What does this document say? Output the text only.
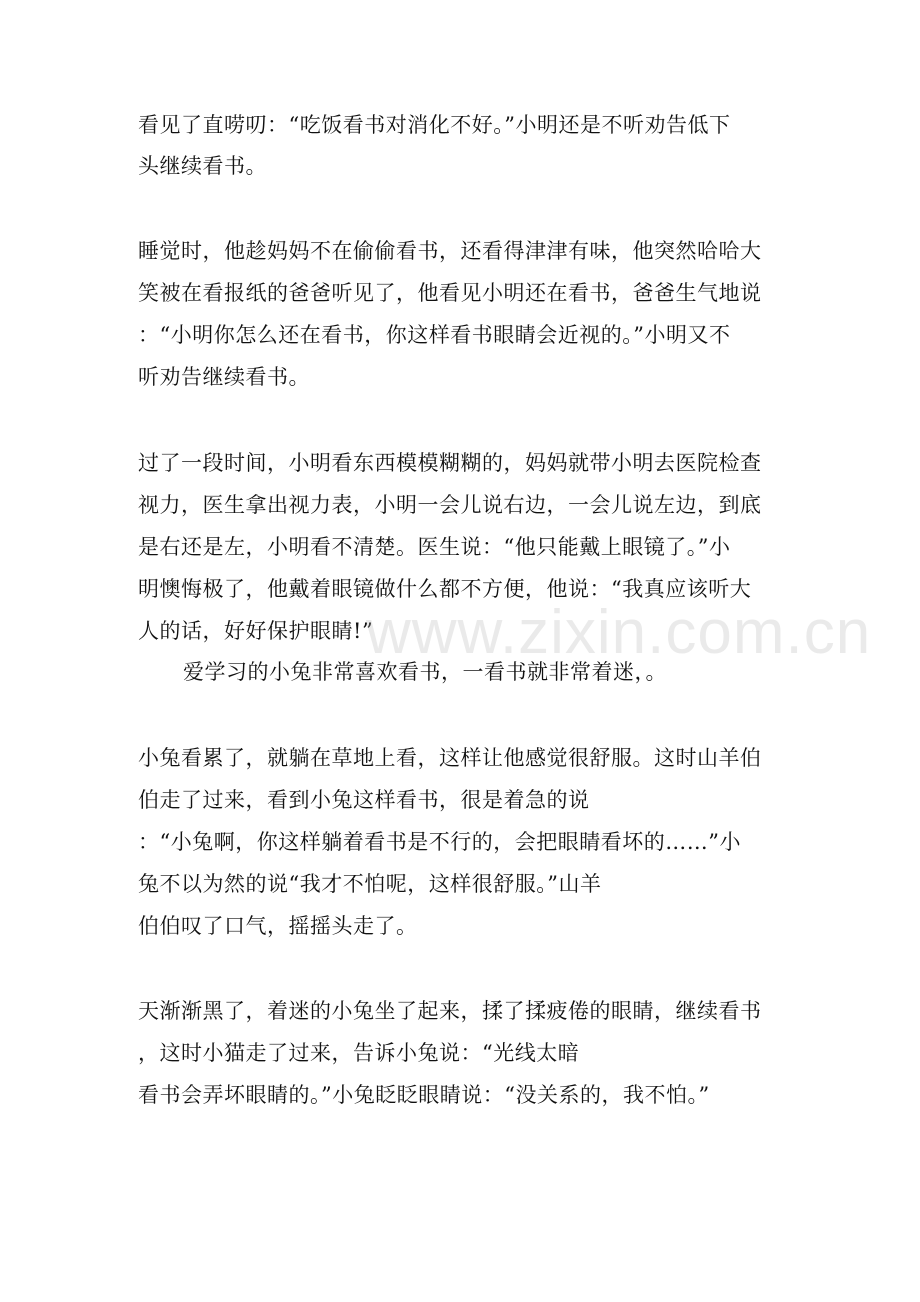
看见了直唠叨：“吃饭看书对消化不好。”小明还是不听劝告低下
头继续看书。
睡觉时，他趁妈妈不在偷偷看书，还看得津津有味，他突然哈哈大
笑被在看报纸的爸爸听见了，他看见小明还在看书，爸爸生气地说
：“小明你怎么还在看书，你这样看书眼睛会近视的。”小明又不
听劝告继续看书。
过了一段时间，小明看东西模模糊糊的，妈妈就带小明去医院检查
视力，医生拿出视力表，小明一会儿说右边，一会儿说左边，到底
是右还是左，小明看不清楚。医生说：“他只能戴上眼镜了。”小
明懊悔极了，他戴着眼镜做什么都不方便，他说：“我真应该听大
人的话，好好保护眼睛!”
爱学习的小兔非常喜欢看书，一看书就非常着迷，。
小兔看累了，就躺在草地上看，这样让他感觉很舒服。这时山羊伯
伯走了过来，看到小兔这样看书，很是着急的说
：“小兔啊，你这样躺着看书是不行的，会把眼睛看坏的……”小
兔不以为然的说“我才不怕呢，这样很舒服。”山羊
伯伯叹了口气，摇摇头走了。
天渐渐黑了，着迷的小兔坐了起来，揉了揉疲倦的眼睛，继续看书
，这时小猫走了过来，告诉小兔说：“光线太暗
看书会弄坏眼睛的。”小兔眨眨眼睛说：“没关系的，我不怕。”
www.zixin.com.cn
